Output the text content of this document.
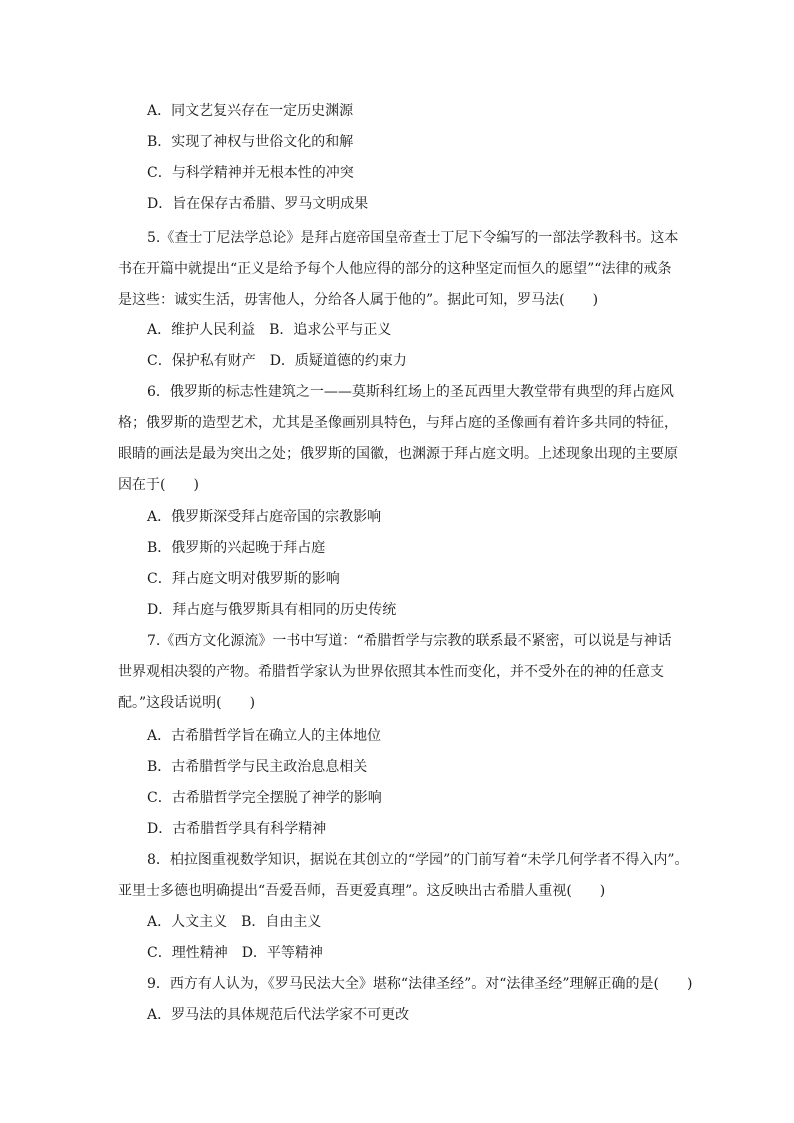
A．同文艺复兴存在一定历史渊源
B．实现了神权与世俗文化的和解
C．与科学精神并无根本性的冲突
D．旨在保存古希腊、罗马文明成果
5.《查士丁尼法学总论》是拜占庭帝国皇帝查士丁尼下令编写的一部法学教科书。这本
书在开篇中就提出“正义是给予每个人他应得的部分的这种坚定而恒久的愿望”“法律的戒条
是这些：诚实生活，毋害他人，分给各人属于他的”。据此可知，罗马法(　　)
A．维护人民利益　B．追求公平与正义
C．保护私有财产　D．质疑道德的约束力
6．俄罗斯的标志性建筑之一——莫斯科红场上的圣瓦西里大教堂带有典型的拜占庭风
格；俄罗斯的造型艺术，尤其是圣像画别具特色，与拜占庭的圣像画有着许多共同的特征，
眼睛的画法是最为突出之处；俄罗斯的国徽，也渊源于拜占庭文明。上述现象出现的主要原
因在于(　　)
A．俄罗斯深受拜占庭帝国的宗教影响
B．俄罗斯的兴起晚于拜占庭
C．拜占庭文明对俄罗斯的影响
D．拜占庭与俄罗斯具有相同的历史传统
7.《西方文化源流》一书中写道：“希腊哲学与宗教的联系最不紧密，可以说是与神话
世界观相决裂的产物。希腊哲学家认为世界依照其本性而变化，并不受外在的神的任意支
配。”这段话说明(　　)
A．古希腊哲学旨在确立人的主体地位
B．古希腊哲学与民主政治息息相关
C．古希腊哲学完全摆脱了神学的影响
D．古希腊哲学具有科学精神
8．柏拉图重视数学知识，据说在其创立的“学园”的门前写着“未学几何学者不得入内”。
亚里士多德也明确提出“吾爱吾师，吾更爱真理”。这反映出古希腊人重视(　　)
A．人文主义　B．自由主义
C．理性精神　D．平等精神
9．西方有人认为，《罗马民法大全》堪称“法律圣经”。对“法律圣经”理解正确的是(　　)
A．罗马法的具体规范后代法学家不可更改
